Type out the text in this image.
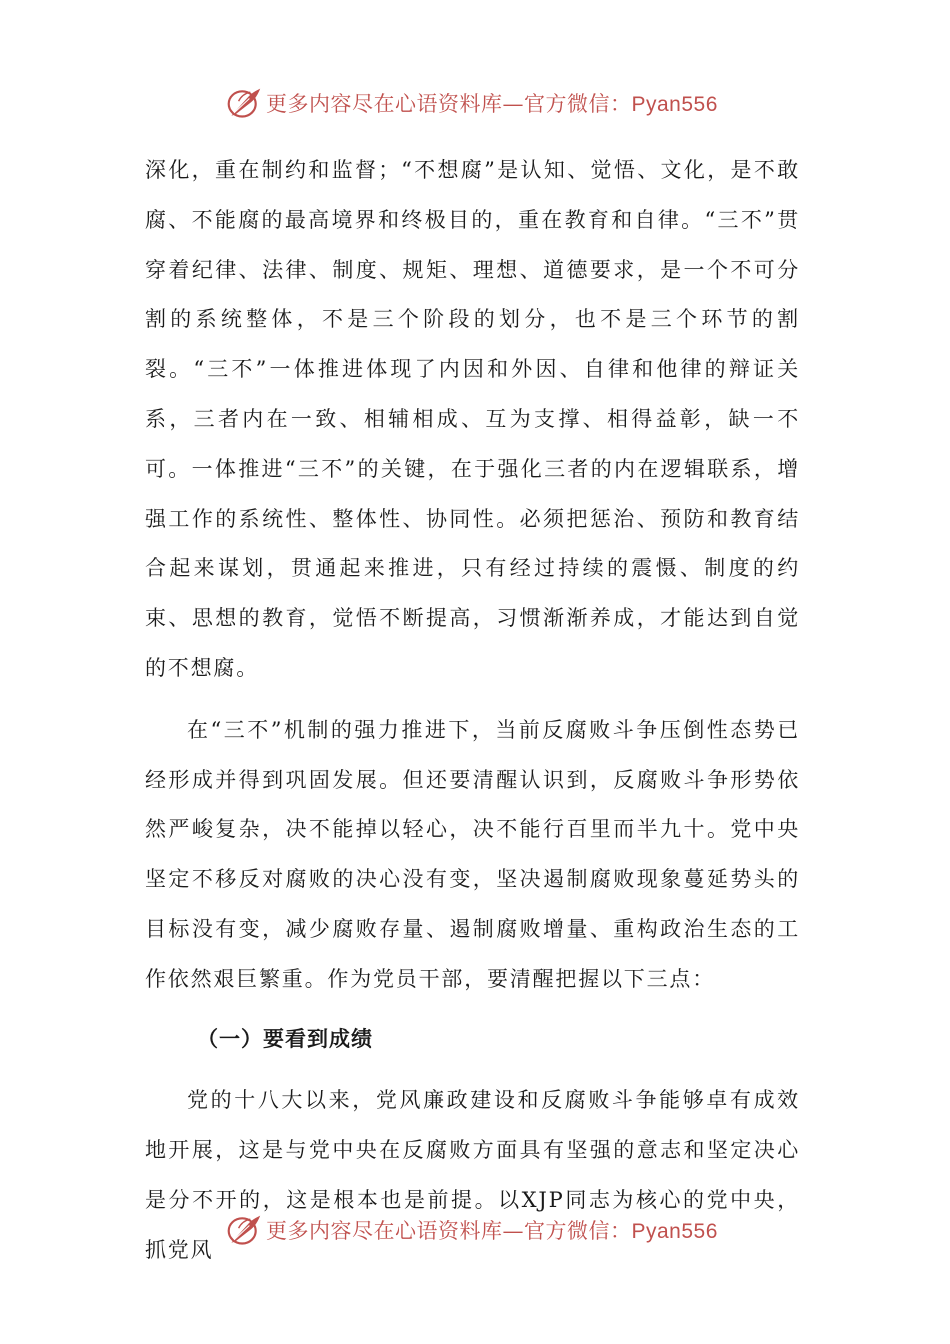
更多内容尽在心语资料库—官方微信：Pyan556

深化，重在制约和监督；“不想腐”是认知、觉悟、文化，是不敢腐、不能腐的最高境界和终极目的，重在教育和自律。“三不”贯穿着纪律、法律、制度、规矩、理想、道德要求，是一个不可分割的系统整体，不是三个阶段的划分，也不是三个环节的割裂。“三不”一体推进体现了内因和外因、自律和他律的辩证关系，三者内在一致、相辅相成、互为支撑、相得益彰，缺一不可。一体推进“三不”的关键，在于强化三者的内在逻辑联系，增强工作的系统性、整体性、协同性。必须把惩治、预防和教育结合起来谋划，贯通起来推进，只有经过持续的震慑、制度的约束、思想的教育，觉悟不断提高，习惯渐渐养成，才能达到自觉的不想腐。

在“三不”机制的强力推进下，当前反腐败斗争压倒性态势已经形成并得到巩固发展。但还要清醒认识到，反腐败斗争形势依然严峻复杂，决不能掉以轻心，决不能行百里而半九十。党中央坚定不移反对腐败的决心没有变，坚决遏制腐败现象蔓延势头的目标没有变，减少腐败存量、遏制腐败增量、重构政治生态的工作依然艰巨繁重。作为党员干部，要清醒把握以下三点：

（一）要看到成绩

党的十八大以来，党风廉政建设和反腐败斗争能够卓有成效地开展，这是与党中央在反腐败方面具有坚强的意志和坚定决心是分不开的，这是根本也是前提。以XJP同志为核心的党中央，抓党风

更多内容尽在心语资料库—官方微信：Pyan556
